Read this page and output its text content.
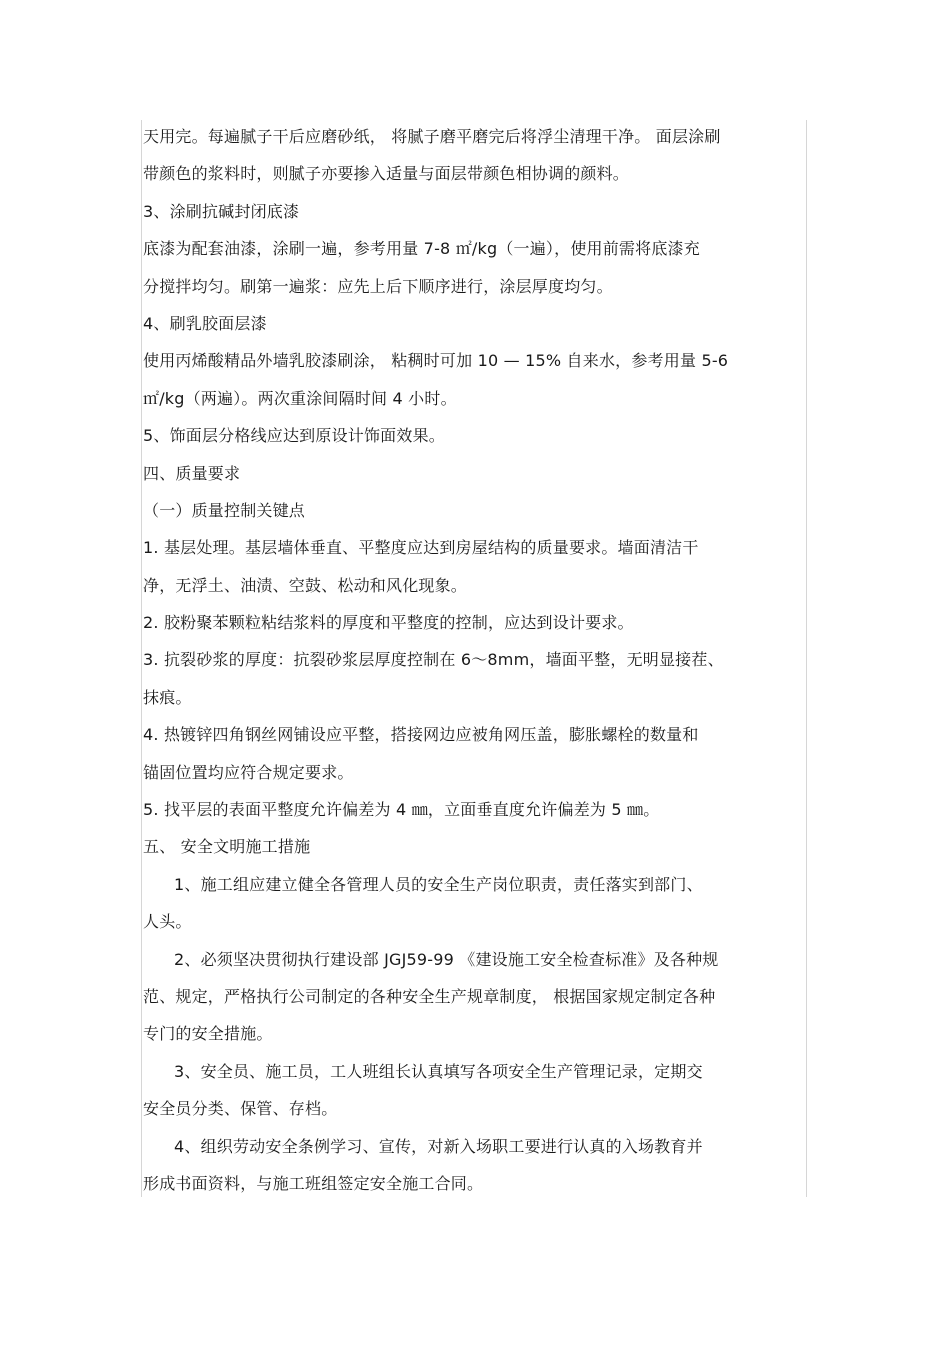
天用完。每遍腻子干后应磨砂纸， 将腻子磨平磨完后将浮尘清理干净。 面层涂刷
带颜色的浆料时，则腻子亦要掺入适量与面层带颜色相协调的颜料。
3、涂刷抗碱封闭底漆
底漆为配套油漆，涂刷一遍，参考用量 7-8 ㎡/kg（一遍），使用前需将底漆充
分搅拌均匀。刷第一遍浆：应先上后下顺序进行，涂层厚度均匀。
4、刷乳胶面层漆
使用丙烯酸精品外墙乳胶漆刷涂， 粘稠时可加 10 — 15% 自来水，参考用量 5-6
㎡/kg（两遍）。两次重涂间隔时间 4 小时。
5、饰面层分格线应达到原设计饰面效果。
四、质量要求
（一）质量控制关键点
1. 基层处理。基层墙体垂直、平整度应达到房屋结构的质量要求。墙面清洁干
净，无浮土、油渍、空鼓、松动和风化现象。
2. 胶粉聚苯颗粒粘结浆料的厚度和平整度的控制，应达到设计要求。
3. 抗裂砂浆的厚度：抗裂砂浆层厚度控制在 6～8mm，墙面平整，无明显接茬、
抹痕。
4. 热镀锌四角钢丝网铺设应平整，搭接网边应被角网压盖，膨胀螺栓的数量和
锚固位置均应符合规定要求。
5. 找平层的表面平整度允许偏差为 4 ㎜，立面垂直度允许偏差为 5 ㎜。
五、 安全文明施工措施
1、施工组应建立健全各管理人员的安全生产岗位职责，责任落实到部门、
人头。
2、必须坚决贯彻执行建设部 JGJ59-99 《建设施工安全检查标准》及各种规
范、规定，严格执行公司制定的各种安全生产规章制度， 根据国家规定制定各种
专门的安全措施。
3、安全员、施工员，工人班组长认真填写各项安全生产管理记录，定期交
安全员分类、保管、存档。
4、组织劳动安全条例学习、宣传，对新入场职工要进行认真的入场教育并
形成书面资料，与施工班组签定安全施工合同。
